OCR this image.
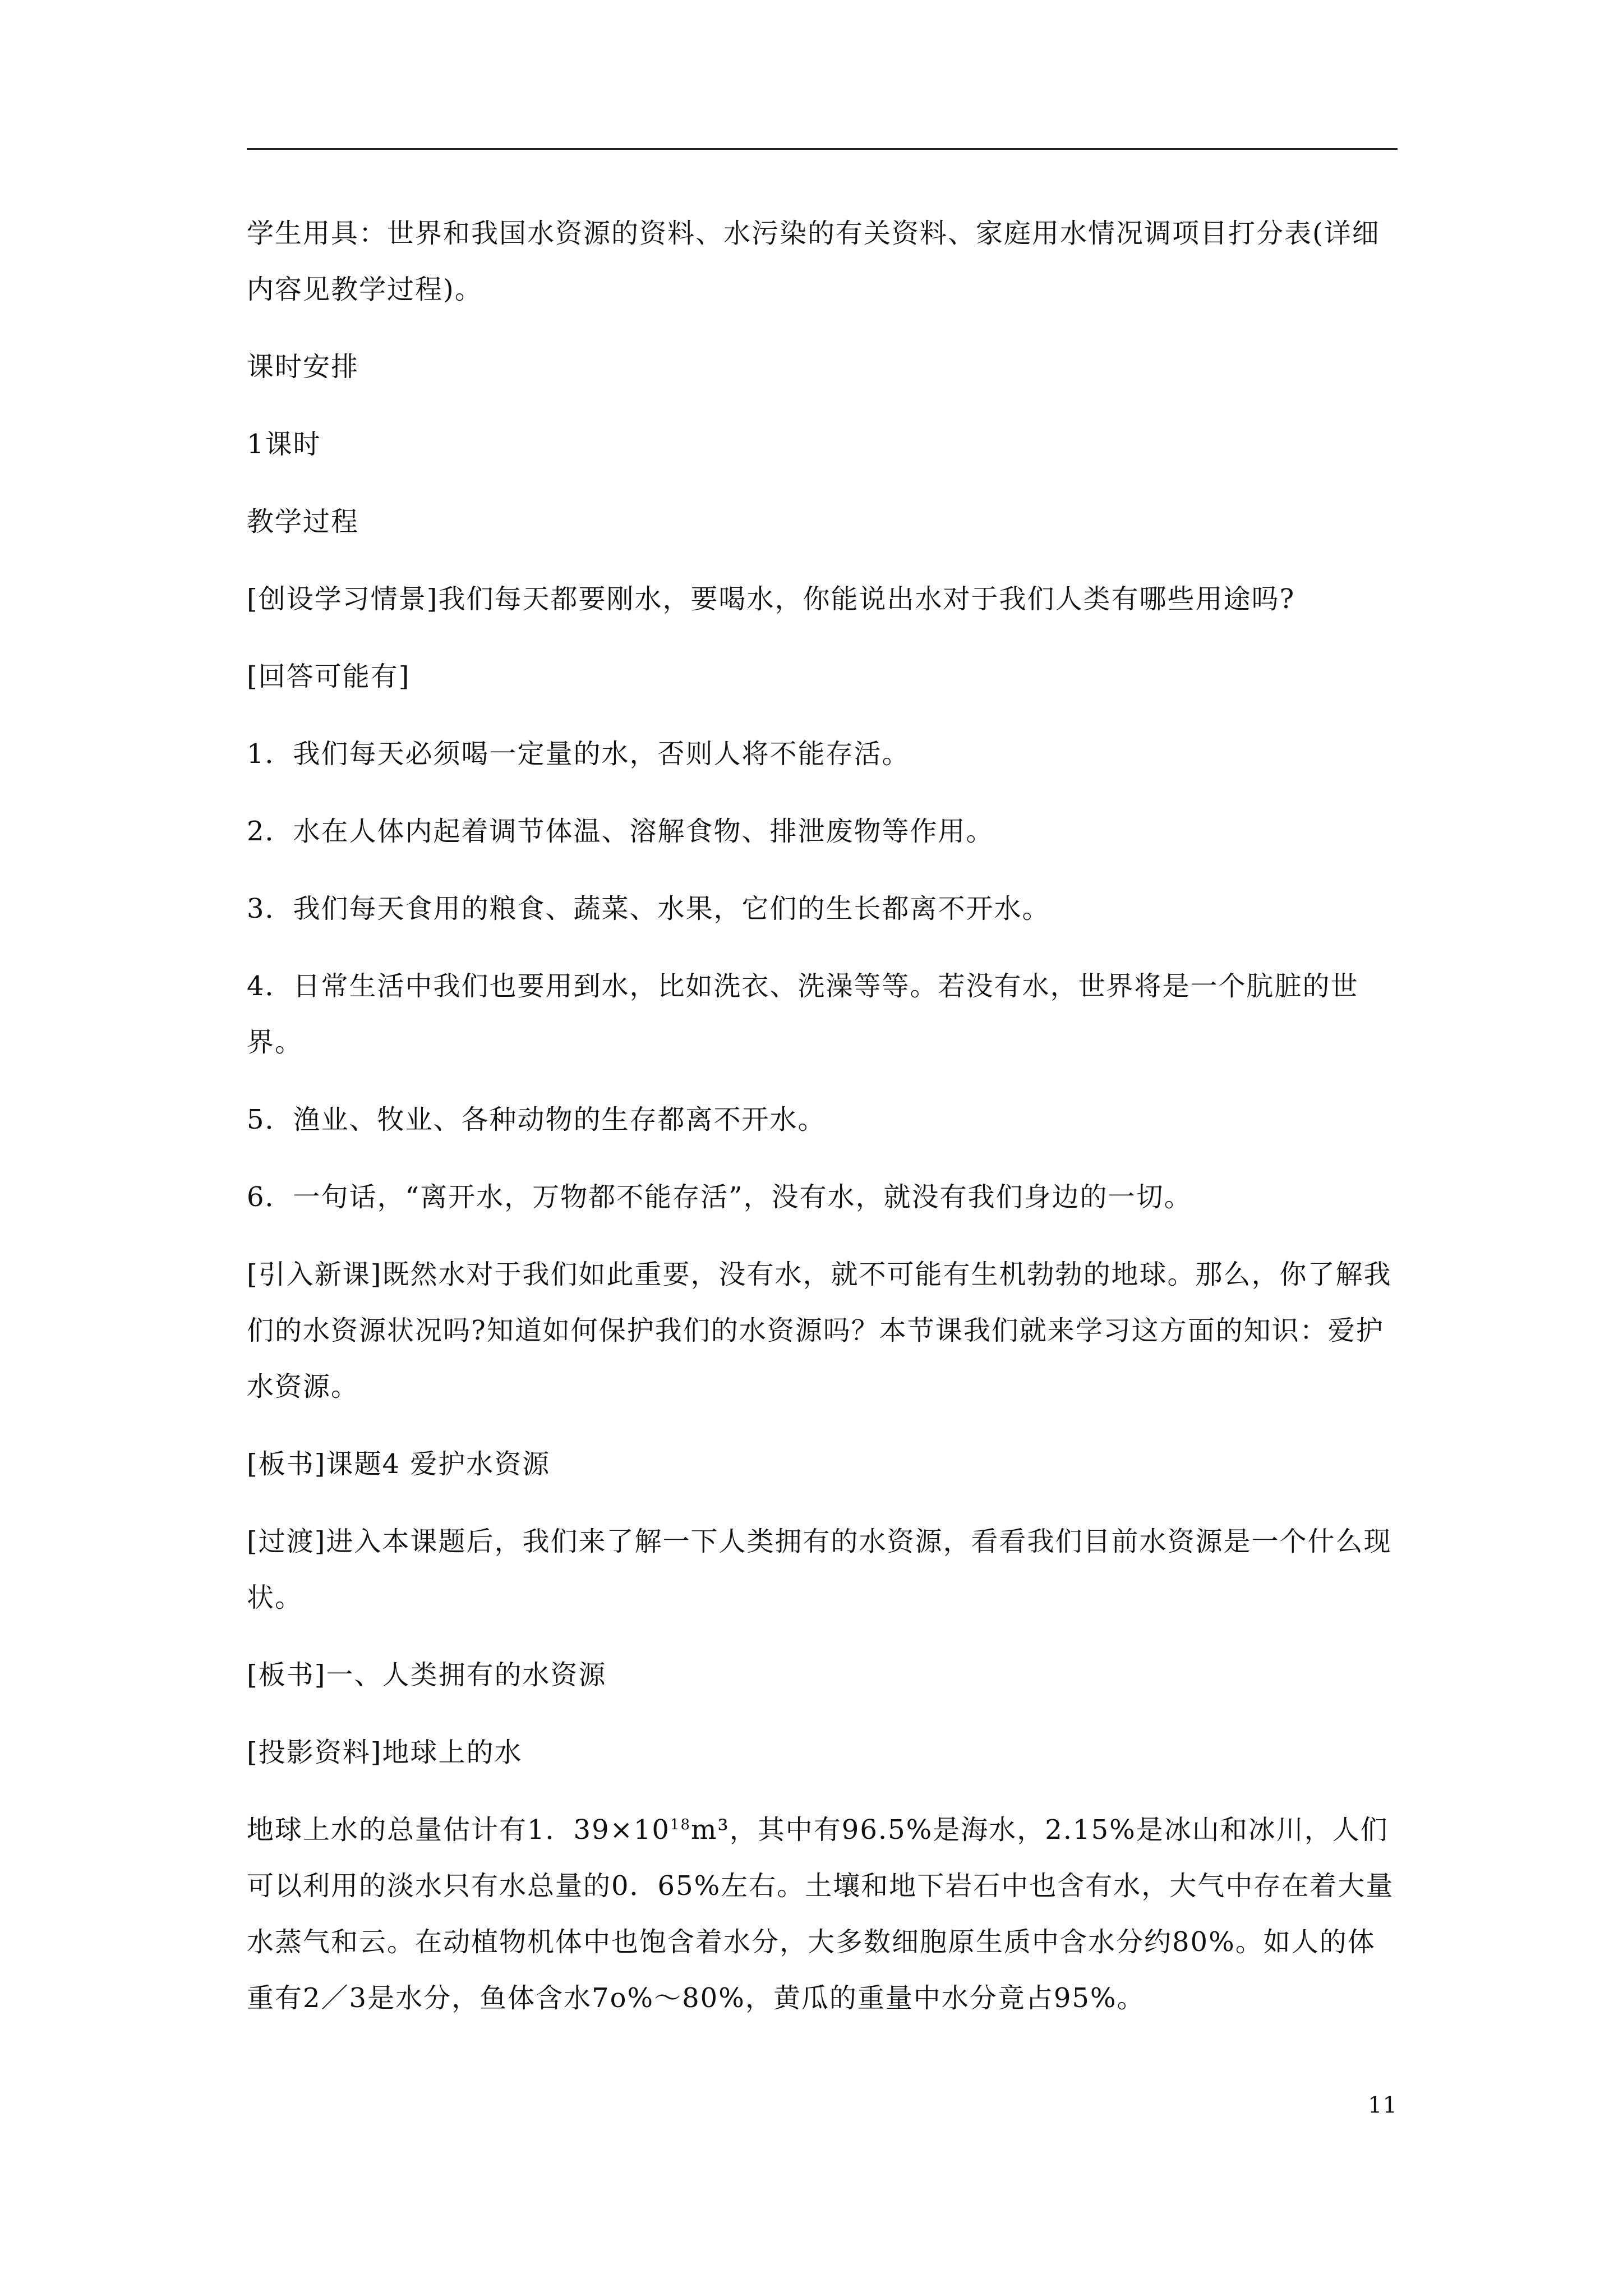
学生用具：世界和我国水资源的资料、水污染的有关资料、家庭用水情况调项目打分表(详细内容见教学过程)。

课时安排

1课时

教学过程

[创设学习情景]我们每天都要刚水，要喝水，你能说出水对于我们人类有哪些用途吗?

[回答可能有]

1．我们每天必须喝一定量的水，否则人将不能存活。

2．水在人体内起着调节体温、溶解食物、排泄废物等作用。

3．我们每天食用的粮食、蔬菜、水果，它们的生长都离不开水。

4．日常生活中我们也要用到水，比如洗衣、洗澡等等。若没有水，世界将是一个肮脏的世界。

5．渔业、牧业、各种动物的生存都离不开水。

6．一句话，“离开水，万物都不能存活”，没有水，就没有我们身边的一切。

[引入新课]既然水对于我们如此重要，没有水，就不可能有生机勃勃的地球。那么，你了解我们的水资源状况吗?知道如何保护我们的水资源吗？本节课我们就来学习这方面的知识：爱护水资源。

[板书]课题4 爱护水资源

[过渡]进入本课题后，我们来了解一下人类拥有的水资源，看看我们目前水资源是一个什么现状。

[板书]一、人类拥有的水资源

[投影资料]地球上的水

地球上水的总量估计有1．$39\times 10^{18}m^3$，其中有96.5%是海水，2.15%是冰山和冰川，人们可以利用的淡水只有水总量的0．65%左右。土壤和地下岩石中也含有水，大气中存在着大量水蒸气和云。在动植物机体中也饱含着水分，大多数细胞原生质中含水分约80%。如人的体重有2／3是水分，鱼体含水7o%～80%，黄瓜的重量中水分竟占95%。

11
